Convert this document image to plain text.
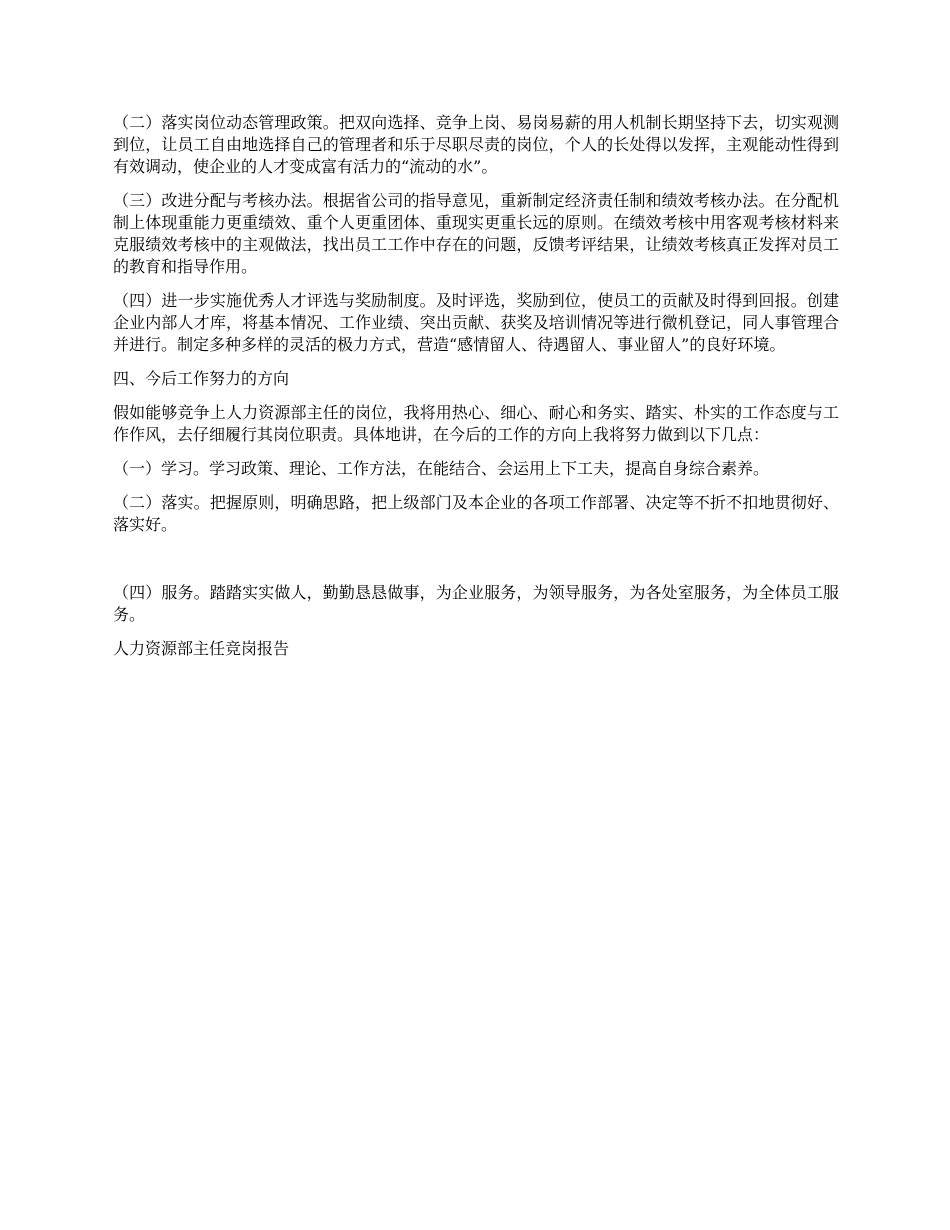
（二）落实岗位动态管理政策。把双向选择、竞争上岗、易岗易薪的用人机制长期坚持下去，切实观测到位，让员工自由地选择自己的管理者和乐于尽职尽责的岗位，个人的长处得以发挥，主观能动性得到有效调动，使企业的人才变成富有活力的“流动的水”。

（三）改进分配与考核办法。根据省公司的指导意见，重新制定经济责任制和绩效考核办法。在分配机制上体现重能力更重绩效、重个人更重团体、重现实更重长远的原则。在绩效考核中用客观考核材料来克服绩效考核中的主观做法，找出员工工作中存在的问题，反馈考评结果，让绩效考核真正发挥对员工的教育和指导作用。

（四）进一步实施优秀人才评选与奖励制度。及时评选，奖励到位，使员工的贡献及时得到回报。创建企业内部人才库，将基本情况、工作业绩、突出贡献、获奖及培训情况等进行微机登记，同人事管理合并进行。制定多种多样的灵活的极力方式，营造“感情留人、待遇留人、事业留人”的良好环境。

四、今后工作努力的方向

假如能够竞争上人力资源部主任的岗位，我将用热心、细心、耐心和务实、踏实、朴实的工作态度与工作作风，去仔细履行其岗位职责。具体地讲，在今后的工作的方向上我将努力做到以下几点：

（一）学习。学习政策、理论、工作方法，在能结合、会运用上下工夫，提高自身综合素养。

（二）落实。把握原则，明确思路，把上级部门及本企业的各项工作部署、决定等不折不扣地贯彻好、落实好。

（四）服务。踏踏实实做人，勤勤恳恳做事，为企业服务，为领导服务，为各处室服务，为全体员工服务。

人力资源部主任竞岗报告
